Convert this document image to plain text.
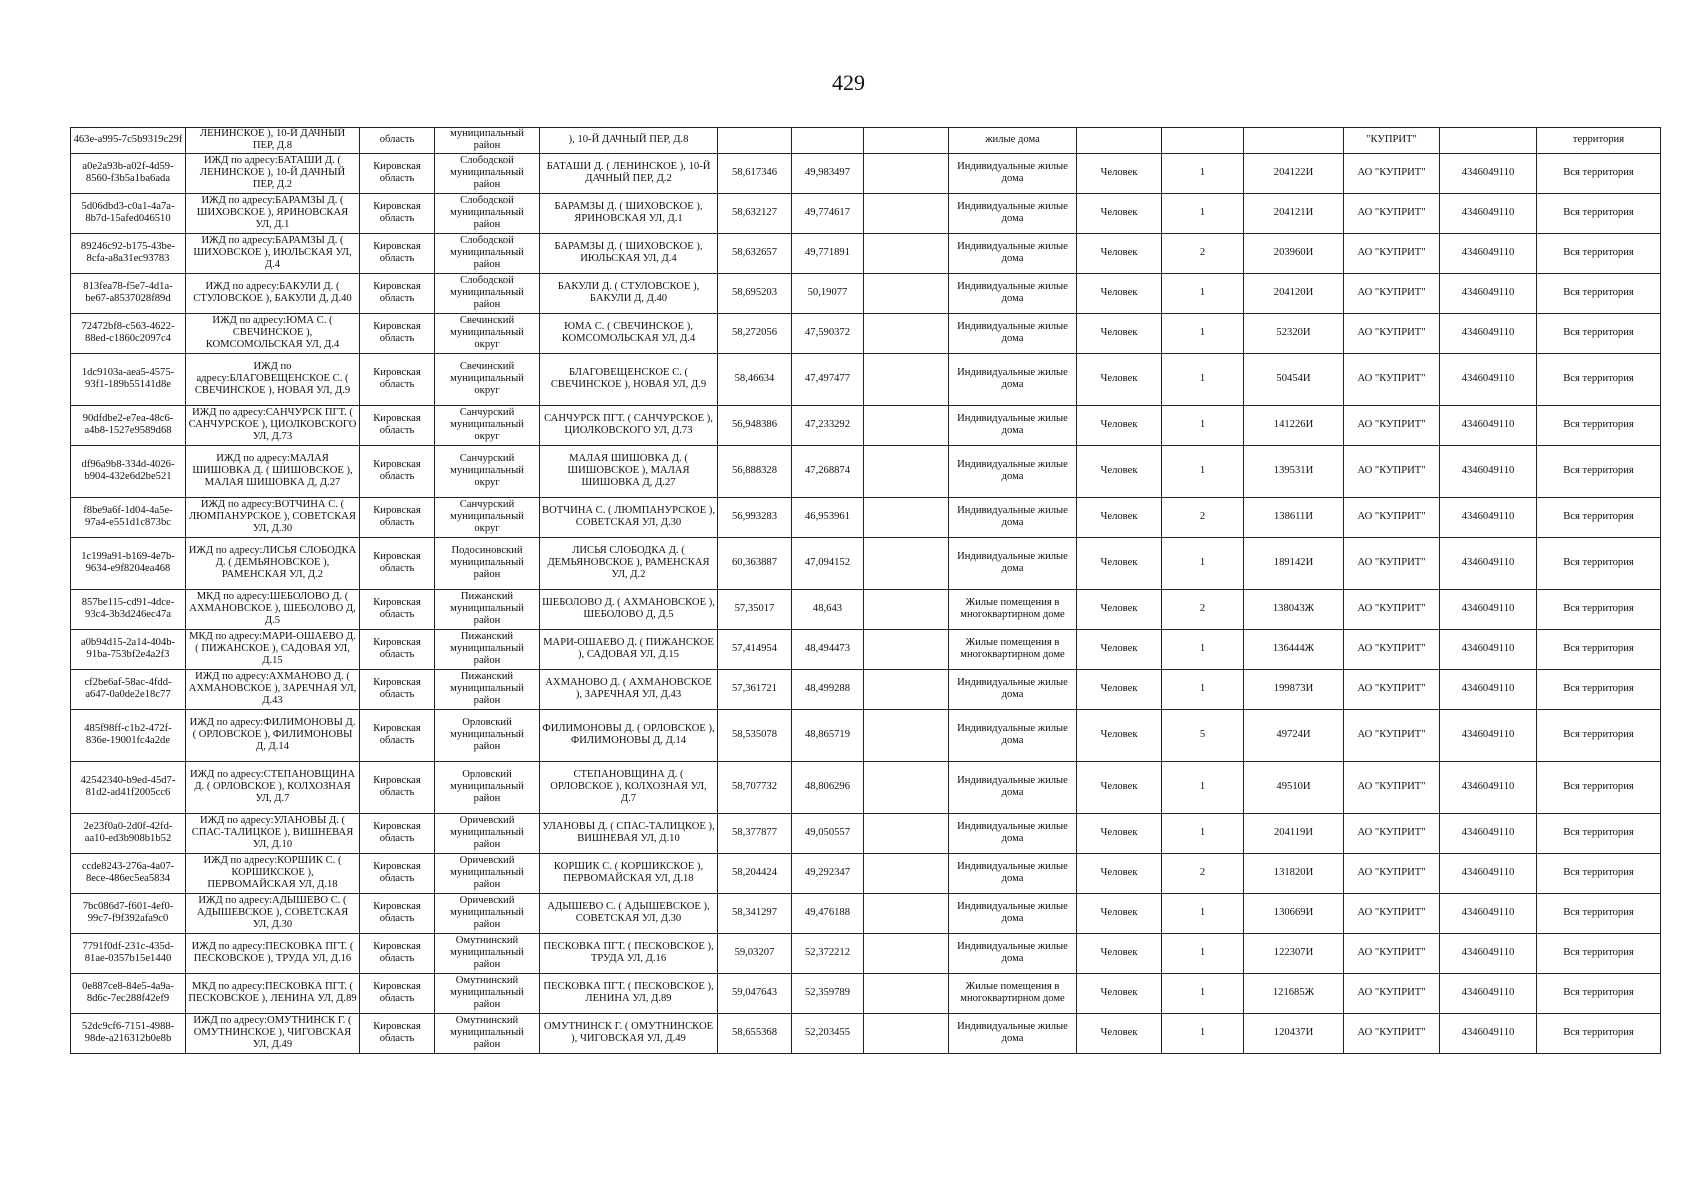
429
463e-a995-7c5b9319c29f	ЛЕНИНСКОЕ ), 10-Й ДАЧНЫЙ ПЕР, Д.8	область	муниципальный район	), 10-Й ДАЧНЫЙ ПЕР, Д.8				жилые дома				"КУПРИТ"		территория
a0e2a93b-a02f-4d59-8560-f3b5a1ba6ada	ИЖД по адресу:БАТАШИ Д. ( ЛЕНИНСКОЕ ), 10-Й ДАЧНЫЙ ПЕР, Д.2	Кировская область	Слободской муниципальный район	БАТАШИ Д. ( ЛЕНИНСКОЕ ), 10-Й ДАЧНЫЙ ПЕР, Д.2	58,617346	49,983497		Индивидуальные жилые дома	Человек	1	204122И	АО "КУПРИТ"	4346049110	Вся территория
5d06dbd3-c0a1-4a7a-8b7d-15afed046510	ИЖД по адресу:БАРАМЗЫ Д. ( ШИХОВСКОЕ ), ЯРИНОВСКАЯ УЛ, Д.1	Кировская область	Слободской муниципальный район	БАРАМЗЫ Д. ( ШИХОВСКОЕ ), ЯРИНОВСКАЯ УЛ, Д.1	58,632127	49,774617		Индивидуальные жилые дома	Человек	1	204121И	АО "КУПРИТ"	4346049110	Вся территория
89246c92-b175-43be-8cfa-a8a31ec93783	ИЖД по адресу:БАРАМЗЫ Д. ( ШИХОВСКОЕ ), ИЮЛЬСКАЯ УЛ, Д.4	Кировская область	Слободской муниципальный район	БАРАМЗЫ Д. ( ШИХОВСКОЕ ), ИЮЛЬСКАЯ УЛ, Д.4	58,632657	49,771891		Индивидуальные жилые дома	Человек	2	203960И	АО "КУПРИТ"	4346049110	Вся территория
813fea78-f5e7-4d1a-be67-a8537028f89d	ИЖД по адресу:БАКУЛИ Д. ( СТУЛОВСКОЕ ), БАКУЛИ Д, Д.40	Кировская область	Слободской муниципальный район	БАКУЛИ Д. ( СТУЛОВСКОЕ ), БАКУЛИ Д, Д.40	58,695203	50,19077		Индивидуальные жилые дома	Человек	1	204120И	АО "КУПРИТ"	4346049110	Вся территория
72472bf8-c563-4622-88ed-c1860c2097c4	ИЖД по адресу:ЮМА С. ( СВЕЧИНСКОЕ ), КОМСОМОЛЬСКАЯ УЛ, Д.4	Кировская область	Свечинский муниципальный округ	ЮМА С. ( СВЕЧИНСКОЕ ), КОМСОМОЛЬСКАЯ УЛ, Д.4	58,272056	47,590372		Индивидуальные жилые дома	Человек	1	52320И	АО "КУПРИТ"	4346049110	Вся территория
1dc9103a-aea5-4575-93f1-189b55141d8e	ИЖД по адресу:БЛАГОВЕЩЕНСКОЕ С. ( СВЕЧИНСКОЕ ), НОВАЯ УЛ, Д.9	Кировская область	Свечинский муниципальный округ	БЛАГОВЕЩЕНСКОЕ С. ( СВЕЧИНСКОЕ ), НОВАЯ УЛ, Д.9	58,46634	47,497477		Индивидуальные жилые дома	Человек	1	50454И	АО "КУПРИТ"	4346049110	Вся территория
90dfdbe2-e7ea-48c6-a4b8-1527e9589d68	ИЖД по адресу:САНЧУРСК ПГТ. ( САНЧУРСКОЕ ), ЦИОЛКОВСКОГО УЛ, Д.73	Кировская область	Санчурский муниципальный округ	САНЧУРСК ПГТ. ( САНЧУРСКОЕ ), ЦИОЛКОВСКОГО УЛ, Д.73	56,948386	47,233292		Индивидуальные жилые дома	Человек	1	141226И	АО "КУПРИТ"	4346049110	Вся территория
df96a9b8-334d-4026-b904-432e6d2be521	ИЖД по адресу:МАЛАЯ ШИШОВКА Д. ( ШИШОВСКОЕ ), МАЛАЯ ШИШОВКА Д, Д.27	Кировская область	Санчурский муниципальный округ	МАЛАЯ ШИШОВКА Д. ( ШИШОВСКОЕ ), МАЛАЯ ШИШОВКА Д, Д.27	56,888328	47,268874		Индивидуальные жилые дома	Человек	1	139531И	АО "КУПРИТ"	4346049110	Вся территория
f8be9a6f-1d04-4a5e-97a4-e551d1c873bc	ИЖД по адресу:ВОТЧИНА С. ( ЛЮМПАНУРСКОЕ ), СОВЕТСКАЯ УЛ, Д.30	Кировская область	Санчурский муниципальный округ	ВОТЧИНА С. ( ЛЮМПАНУРСКОЕ ), СОВЕТСКАЯ УЛ, Д.30	56,993283	46,953961		Индивидуальные жилые дома	Человек	2	138611И	АО "КУПРИТ"	4346049110	Вся территория
1c199a91-b169-4e7b-9634-e9f8204ea468	ИЖД по адресу:ЛИСЬЯ СЛОБОДКА Д. ( ДЕМЬЯНОВСКОЕ ), РАМЕНСКАЯ УЛ, Д.2	Кировская область	Подосиновский муниципальный район	ЛИСЬЯ СЛОБОДКА Д. ( ДЕМЬЯНОВСКОЕ ), РАМЕНСКАЯ УЛ, Д.2	60,363887	47,094152		Индивидуальные жилые дома	Человек	1	189142И	АО "КУПРИТ"	4346049110	Вся территория
857be115-cd91-4dce-93c4-3b3d246ec47a	МКД по адресу:ШЕБОЛОВО Д. ( АХМАНОВСКОЕ ), ШЕБОЛОВО Д, Д.5	Кировская область	Пижанский муниципальный район	ШЕБОЛОВО Д. ( АХМАНОВСКОЕ ), ШЕБОЛОВО Д, Д.5	57,35017	48,643		Жилые помещения в многоквартирном доме	Человек	2	138043Ж	АО "КУПРИТ"	4346049110	Вся территория
a0b94d15-2a14-404b-91ba-753bf2e4a2f3	МКД по адресу:МАРИ-ОШАЕВО Д. ( ПИЖАНСКОЕ ), САДОВАЯ УЛ, Д.15	Кировская область	Пижанский муниципальный район	МАРИ-ОШАЕВО Д. ( ПИЖАНСКОЕ ), САДОВАЯ УЛ, Д.15	57,414954	48,494473		Жилые помещения в многоквартирном доме	Человек	1	136444Ж	АО "КУПРИТ"	4346049110	Вся территория
cf2be6af-58ac-4fdd-a647-0a0de2e18c77	ИЖД по адресу:АХМАНОВО Д. ( АХМАНОВСКОЕ ), ЗАРЕЧНАЯ УЛ, Д.43	Кировская область	Пижанский муниципальный район	АХМАНОВО Д. ( АХМАНОВСКОЕ ), ЗАРЕЧНАЯ УЛ, Д.43	57,361721	48,499288		Индивидуальные жилые дома	Человек	1	199873И	АО "КУПРИТ"	4346049110	Вся территория
485f98ff-c1b2-472f-836e-19001fc4a2de	ИЖД по адресу:ФИЛИМОНОВЫ Д. ( ОРЛОВСКОЕ ), ФИЛИМОНОВЫ Д, Д.14	Кировская область	Орловский муниципальный район	ФИЛИМОНОВЫ Д. ( ОРЛОВСКОЕ ), ФИЛИМОНОВЫ Д, Д.14	58,535078	48,865719		Индивидуальные жилые дома	Человек	5	49724И	АО "КУПРИТ"	4346049110	Вся территория
42542340-b9ed-45d7-81d2-ad41f2005cc6	ИЖД по адресу:СТЕПАНОВЩИНА Д. ( ОРЛОВСКОЕ ), КОЛХОЗНАЯ УЛ, Д.7	Кировская область	Орловский муниципальный район	СТЕПАНОВЩИНА Д. ( ОРЛОВСКОЕ ), КОЛХОЗНАЯ УЛ, Д.7	58,707732	48,806296		Индивидуальные жилые дома	Человек	1	49510И	АО "КУПРИТ"	4346049110	Вся территория
2e23f0a0-2d0f-42fd-aa10-ed3b908b1b52	ИЖД по адресу:УЛАНОВЫ Д. ( СПАС-ТАЛИЦКОЕ ), ВИШНЕВАЯ УЛ, Д.10	Кировская область	Оричевский муниципальный район	УЛАНОВЫ Д. ( СПАС-ТАЛИЦКОЕ ), ВИШНЕВАЯ УЛ, Д.10	58,377877	49,050557		Индивидуальные жилые дома	Человек	1	204119И	АО "КУПРИТ"	4346049110	Вся территория
ccde8243-276a-4a07-8ece-486ec5ea5834	ИЖД по адресу:КОРШИК С. ( КОРШИКСКОЕ ), ПЕРВОМАЙСКАЯ УЛ, Д.18	Кировская область	Оричевский муниципальный район	КОРШИК С. ( КОРШИКСКОЕ ), ПЕРВОМАЙСКАЯ УЛ, Д.18	58,204424	49,292347		Индивидуальные жилые дома	Человек	2	131820И	АО "КУПРИТ"	4346049110	Вся территория
7bc086d7-f601-4ef0-99c7-f9f392afa9c0	ИЖД по адресу:АДЫШЕВО С. ( АДЫШЕВСКОЕ ), СОВЕТСКАЯ УЛ, Д.30	Кировская область	Оричевский муниципальный район	АДЫШЕВО С. ( АДЫШЕВСКОЕ ), СОВЕТСКАЯ УЛ, Д.30	58,341297	49,476188		Индивидуальные жилые дома	Человек	1	130669И	АО "КУПРИТ"	4346049110	Вся территория
7791f0df-231c-435d-81ae-0357b15e1440	ИЖД по адресу:ПЕСКОВКА ПГТ. ( ПЕСКОВСКОЕ ), ТРУДА УЛ, Д.16	Кировская область	Омутнинский муниципальный район	ПЕСКОВКА ПГТ. ( ПЕСКОВСКОЕ ), ТРУДА УЛ, Д.16	59,03207	52,372212		Индивидуальные жилые дома	Человек	1	122307И	АО "КУПРИТ"	4346049110	Вся территория
0e887ce8-84e5-4a9a-8d6c-7ec288f42ef9	МКД по адресу:ПЕСКОВКА ПГТ. ( ПЕСКОВСКОЕ ), ЛЕНИНА УЛ, Д.89	Кировская область	Омутнинский муниципальный район	ПЕСКОВКА ПГТ. ( ПЕСКОВСКОЕ ), ЛЕНИНА УЛ, Д.89	59,047643	52,359789		Жилые помещения в многоквартирном доме	Человек	1	121685Ж	АО "КУПРИТ"	4346049110	Вся территория
52dc9cf6-7151-4988-98de-a216312b0e8b	ИЖД по адресу:ОМУТНИНСК Г. ( ОМУТНИНСКОЕ ), ЧИГОВСКАЯ УЛ, Д.49	Кировская область	Омутнинский муниципальный район	ОМУТНИНСК Г. ( ОМУТНИНСКОЕ ), ЧИГОВСКАЯ УЛ, Д.49	58,655368	52,203455		Индивидуальные жилые дома	Человек	1	120437И	АО "КУПРИТ"	4346049110	Вся территория
